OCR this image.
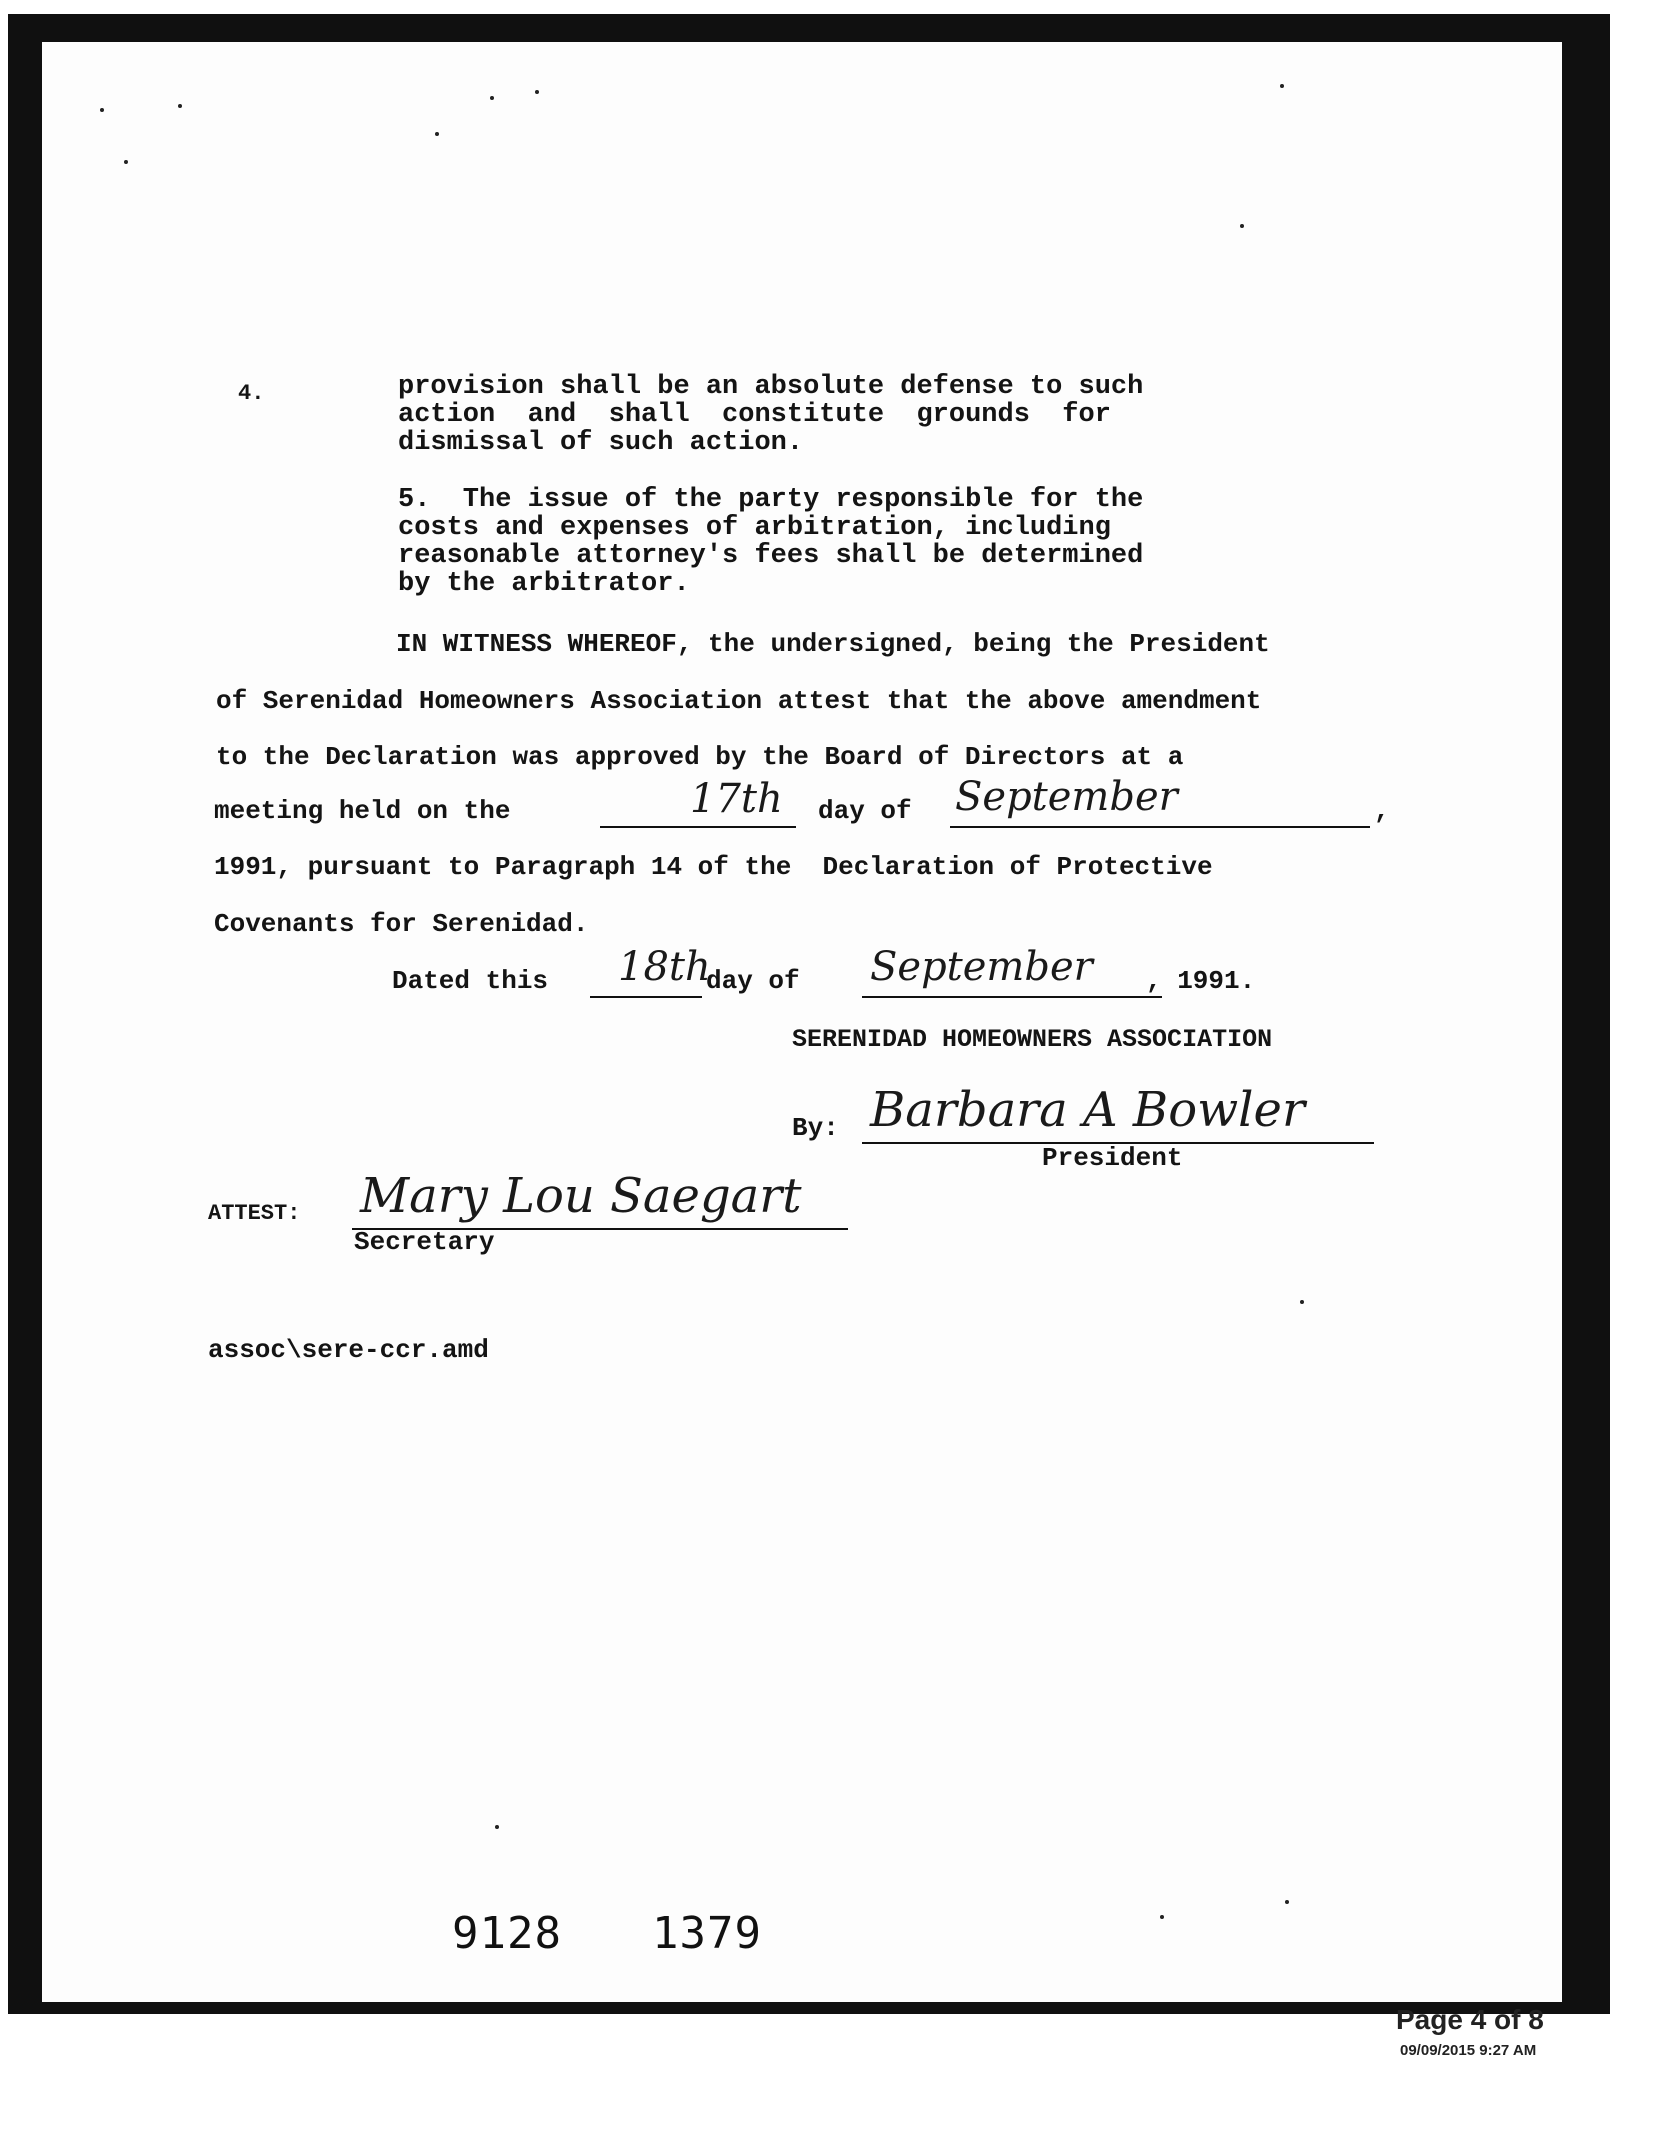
4.	provision shall be an absolute defense to such
action  and  shall  constitute  grounds  for
dismissal of such action.
5.  The issue of the party responsible for the
costs and expenses of arbitration, including
reasonable attorney's fees shall be determined
by the arbitrator.
IN WITNESS WHEREOF, the undersigned, being the President
of Serenidad Homeowners Association attest that the above amendment
to the Declaration was approved by the Board of Directors at a
meeting held on the	17th day of September	,
1991, pursuant to Paragraph 14 of the  Declaration of Protective
Covenants for Serenidad.
Dated this 18th
day of September , 1991.
SERENIDAD HOMEOWNERS ASSOCIATION
By: Barbara A Bowler
President
ATTEST: Mary Lou Saegart
Secretary
assoc\sere-ccr.amd
9128 1379
Page 4 of 8
09/09/2015 9:27 AM
